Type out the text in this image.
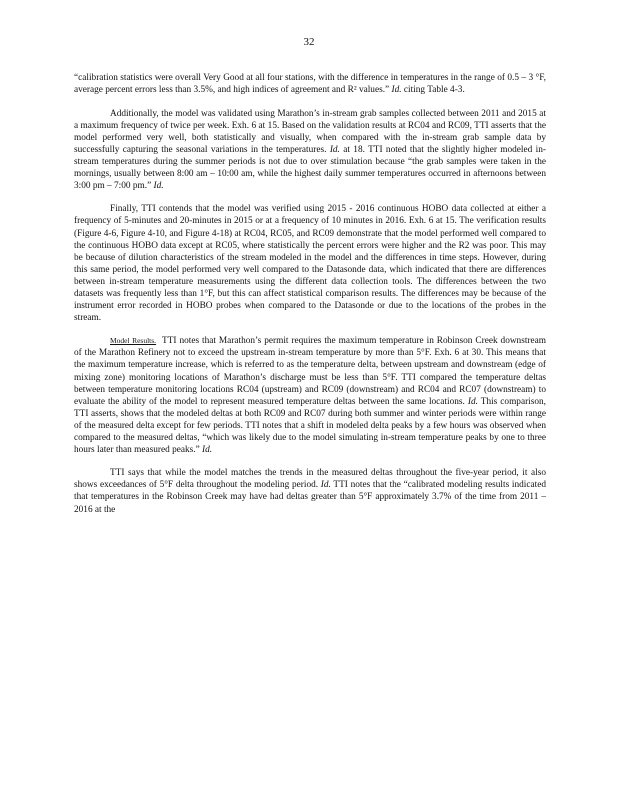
32

“calibration statistics were overall Very Good at all four stations, with the difference in temperatures in the range of 0.5 – 3 °F, average percent errors less than 3.5%, and high indices of agreement and R² values.” Id. citing Table 4-3.

Additionally, the model was validated using Marathon’s in-stream grab samples collected between 2011 and 2015 at a maximum frequency of twice per week. Exh. 6 at 15. Based on the validation results at RC04 and RC09, TTI asserts that the model performed very well, both statistically and visually, when compared with the in-stream grab sample data by successfully capturing the seasonal variations in the temperatures. Id. at 18. TTI noted that the slightly higher modeled in-stream temperatures during the summer periods is not due to over stimulation because “the grab samples were taken in the mornings, usually between 8:00 am – 10:00 am, while the highest daily summer temperatures occurred in afternoons between 3:00 pm – 7:00 pm.” Id.

Finally, TTI contends that the model was verified using 2015 - 2016 continuous HOBO data collected at either a frequency of 5-minutes and 20-minutes in 2015 or at a frequency of 10 minutes in 2016. Exh. 6 at 15. The verification results (Figure 4-6, Figure 4-10, and Figure 4-18) at RC04, RC05, and RC09 demonstrate that the model performed well compared to the continuous HOBO data except at RC05, where statistically the percent errors were higher and the R2 was poor. This may be because of dilution characteristics of the stream modeled in the model and the differences in time steps. However, during this same period, the model performed very well compared to the Datasonde data, which indicated that there are differences between in-stream temperature measurements using the different data collection tools. The differences between the two datasets was frequently less than 1°F, but this can affect statistical comparison results. The differences may be because of the instrument error recorded in HOBO probes when compared to the Datasonde or due to the locations of the probes in the stream.

Model Results. TTI notes that Marathon’s permit requires the maximum temperature in Robinson Creek downstream of the Marathon Refinery not to exceed the upstream in-stream temperature by more than 5°F. Exh. 6 at 30. This means that the maximum temperature increase, which is referred to as the temperature delta, between upstream and downstream (edge of mixing zone) monitoring locations of Marathon’s discharge must be less than 5°F. TTI compared the temperature deltas between temperature monitoring locations RC04 (upstream) and RC09 (downstream) and RC04 and RC07 (downstream) to evaluate the ability of the model to represent measured temperature deltas between the same locations. Id. This comparison, TTI asserts, shows that the modeled deltas at both RC09 and RC07 during both summer and winter periods were within range of the measured delta except for few periods. TTI notes that a shift in modeled delta peaks by a few hours was observed when compared to the measured deltas, “which was likely due to the model simulating in-stream temperature peaks by one to three hours later than measured peaks.” Id.

TTI says that while the model matches the trends in the measured deltas throughout the five-year period, it also shows exceedances of 5°F delta throughout the modeling period. Id. TTI notes that the “calibrated modeling results indicated that temperatures in the Robinson Creek may have had deltas greater than 5°F approximately 3.7% of the time from 2011 – 2016 at the
